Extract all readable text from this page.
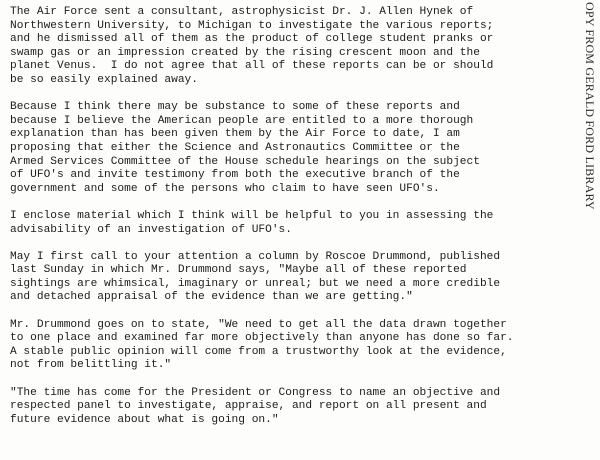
The Air Force sent a consultant, astrophysicist Dr. J. Allen Hynek of
Northwestern University, to Michigan to investigate the various reports;
and he dismissed all of them as the product of college student pranks or
swamp gas or an impression created by the rising crescent moon and the
planet Venus.  I do not agree that all of these reports can be or should
be so easily explained away.

Because I think there may be substance to some of these reports and
because I believe the American people are entitled to a more thorough
explanation than has been given them by the Air Force to date, I am
proposing that either the Science and Astronautics Committee or the
Armed Services Committee of the House schedule hearings on the subject
of UFO's and invite testimony from both the executive branch of the
government and some of the persons who claim to have seen UFO's.

I enclose material which I think will be helpful to you in assessing the
advisability of an investigation of UFO's.

May I first call to your attention a column by Roscoe Drummond, published
last Sunday in which Mr. Drummond says, "Maybe all of these reported
sightings are whimsical, imaginary or unreal; but we need a more credible
and detached appraisal of the evidence than we are getting."

Mr. Drummond goes on to state, "We need to get all the data drawn together
to one place and examined far more objectively than anyone has done so far.
A stable public opinion will come from a trustworthy look at the evidence,
not from belittling it."

"The time has come for the President or Congress to name an objective and
respected panel to investigate, appraise, and report on all present and
future evidence about what is going on."

OPY FROM GERALD FORD LIBRARY
